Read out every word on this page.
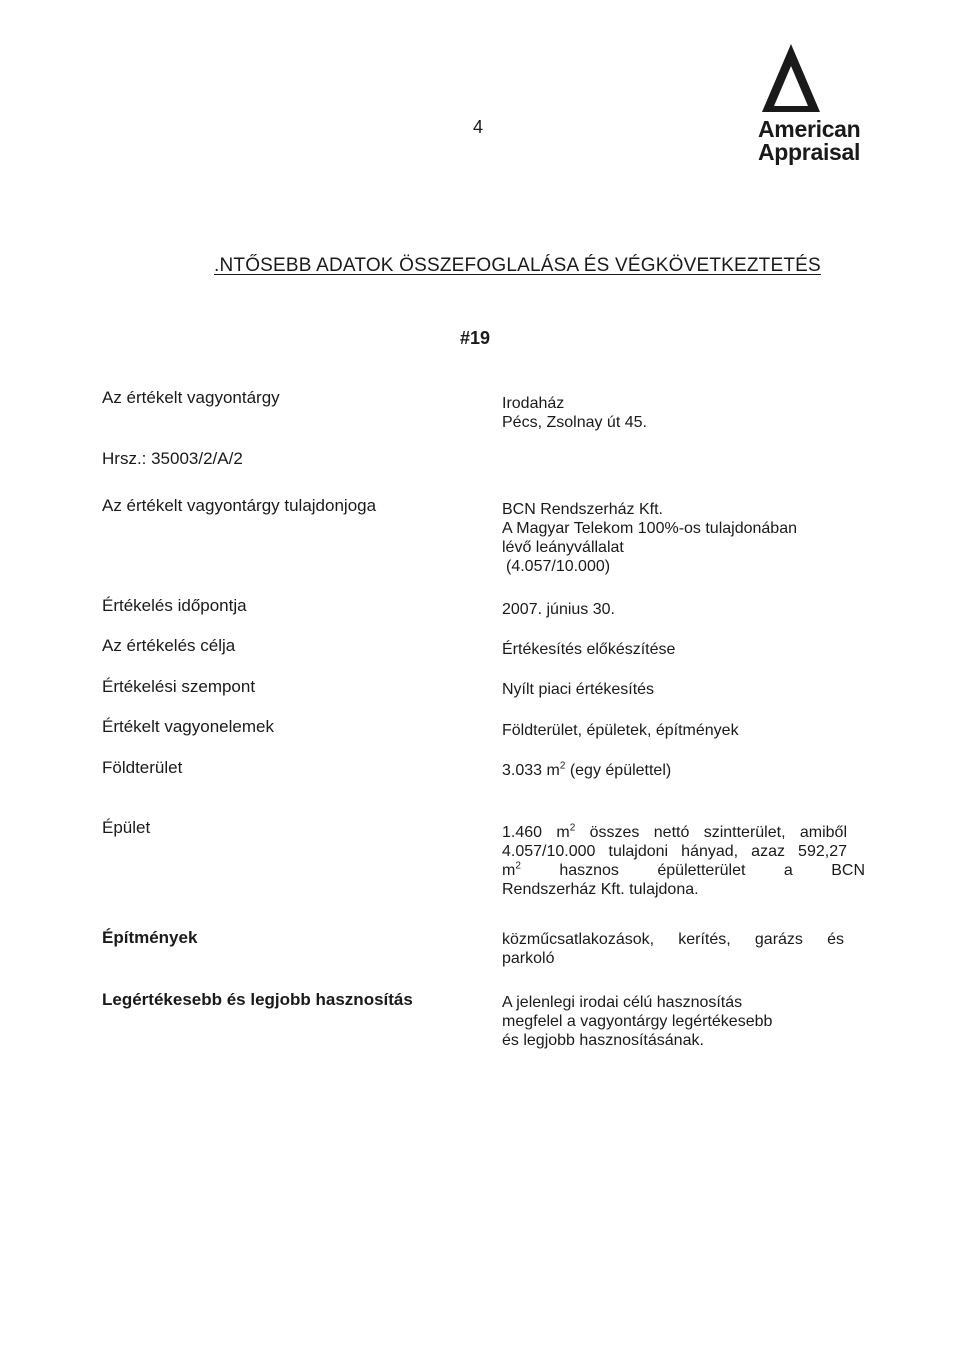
4	American
Appraisal
.NTŐSEBB ADATOK ÖSSZEFOGLALÁSA ÉS VÉGKÖVETKEZTETÉS
#19
Az értékelt vagyontárgy	Irodaház
Pécs, Zsolnay út 45.
Hrsz.: 35003/2/A/2
Az értékelt vagyontárgy tulajdonjoga	BCN Rendszerház Kft.
A Magyar Telekom 100%-os tulajdonában
lévő leányvállalat
(4.057/10.000)
Értékelés időpontja	2007. június 30.
Az értékelés célja	Értékesítés előkészítése
Értékelési szempont	Nyílt piaci értékesítés
Értékelt vagyonelemek	Földterület, épületek, építmények
Földterület	3.033 $m^2$ (egy épülettel)
Épület	1.460 $m^2$ összes nettó szintterület, amiből
4.057/10.000 tulajdoni hányad, azaz 592,27
$m^2$ hasznos épületterület a BCN
Rendszerház Kft. tulajdona.
Építmények	közműcsatlakozások, kerítés, garázs és
parkoló
Legértékesebb és legjobb hasznosítás	A jelenlegi irodai célú hasznosítás
megfelel a vagyontárgy legértékesebb
és legjobb hasznosításának.
